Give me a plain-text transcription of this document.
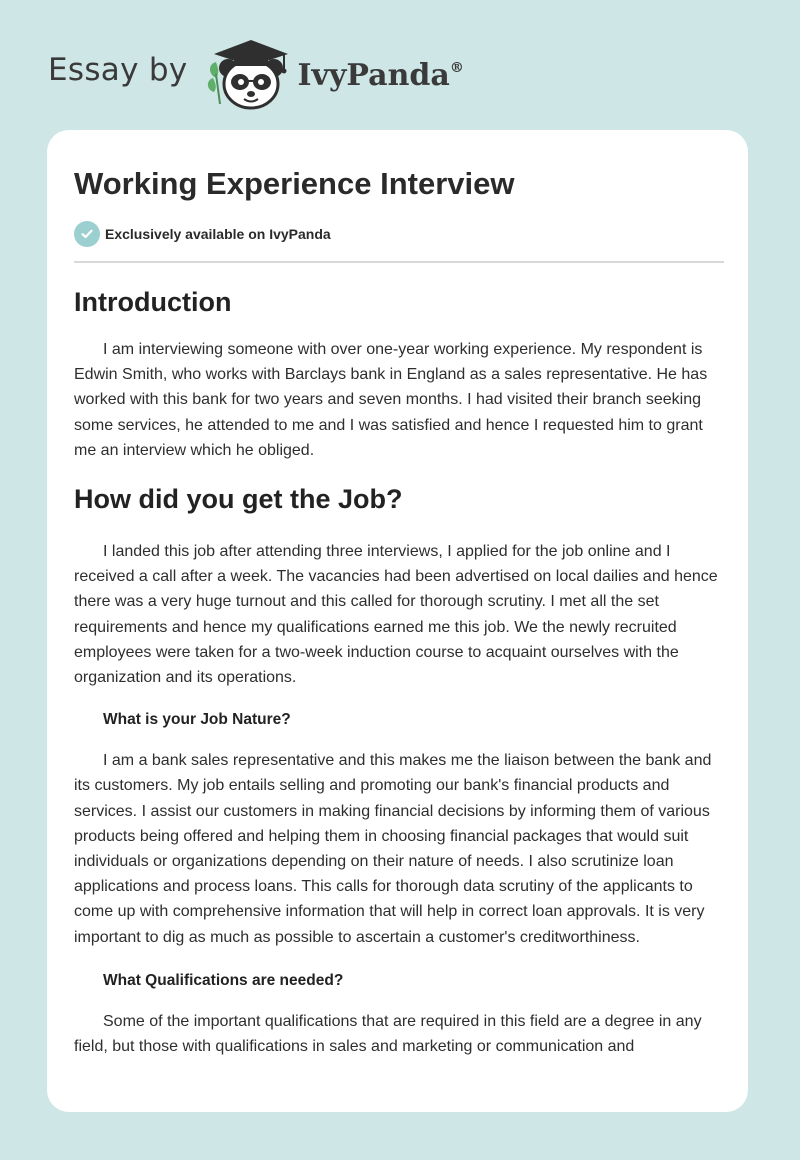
Essay by	IvyPanda®
Working Experience Interview
Exclusively available on IvyPanda
Introduction

I am interviewing someone with over one-year working experience. My respondent is Edwin Smith, who works with Barclays bank in England as a sales representative. He has worked with this bank for two years and seven months. I had visited their branch seeking some services, he attended to me and I was satisfied and hence I requested him to grant me an interview which he obliged.

How did you get the Job?

I landed this job after attending three interviews, I applied for the job online and I received a call after a week. The vacancies had been advertised on local dailies and hence there was a very huge turnout and this called for thorough scrutiny. I met all the set requirements and hence my qualifications earned me this job. We the newly recruited employees were taken for a two-week induction course to acquaint ourselves with the organization and its operations.

What is your Job Nature?

I am a bank sales representative and this makes me the liaison between the bank and its customers. My job entails selling and promoting our bank's financial products and services. I assist our customers in making financial decisions by informing them of various products being offered and helping them in choosing financial packages that would suit individuals or organizations depending on their nature of needs. I also scrutinize loan applications and process loans. This calls for thorough data scrutiny of the applicants to come up with comprehensive information that will help in correct loan approvals. It is very important to dig as much as possible to ascertain a customer's creditworthiness.

What Qualifications are needed?

Some of the important qualifications that are required in this field are a degree in any field, but those with qualifications in sales and marketing or communication and
